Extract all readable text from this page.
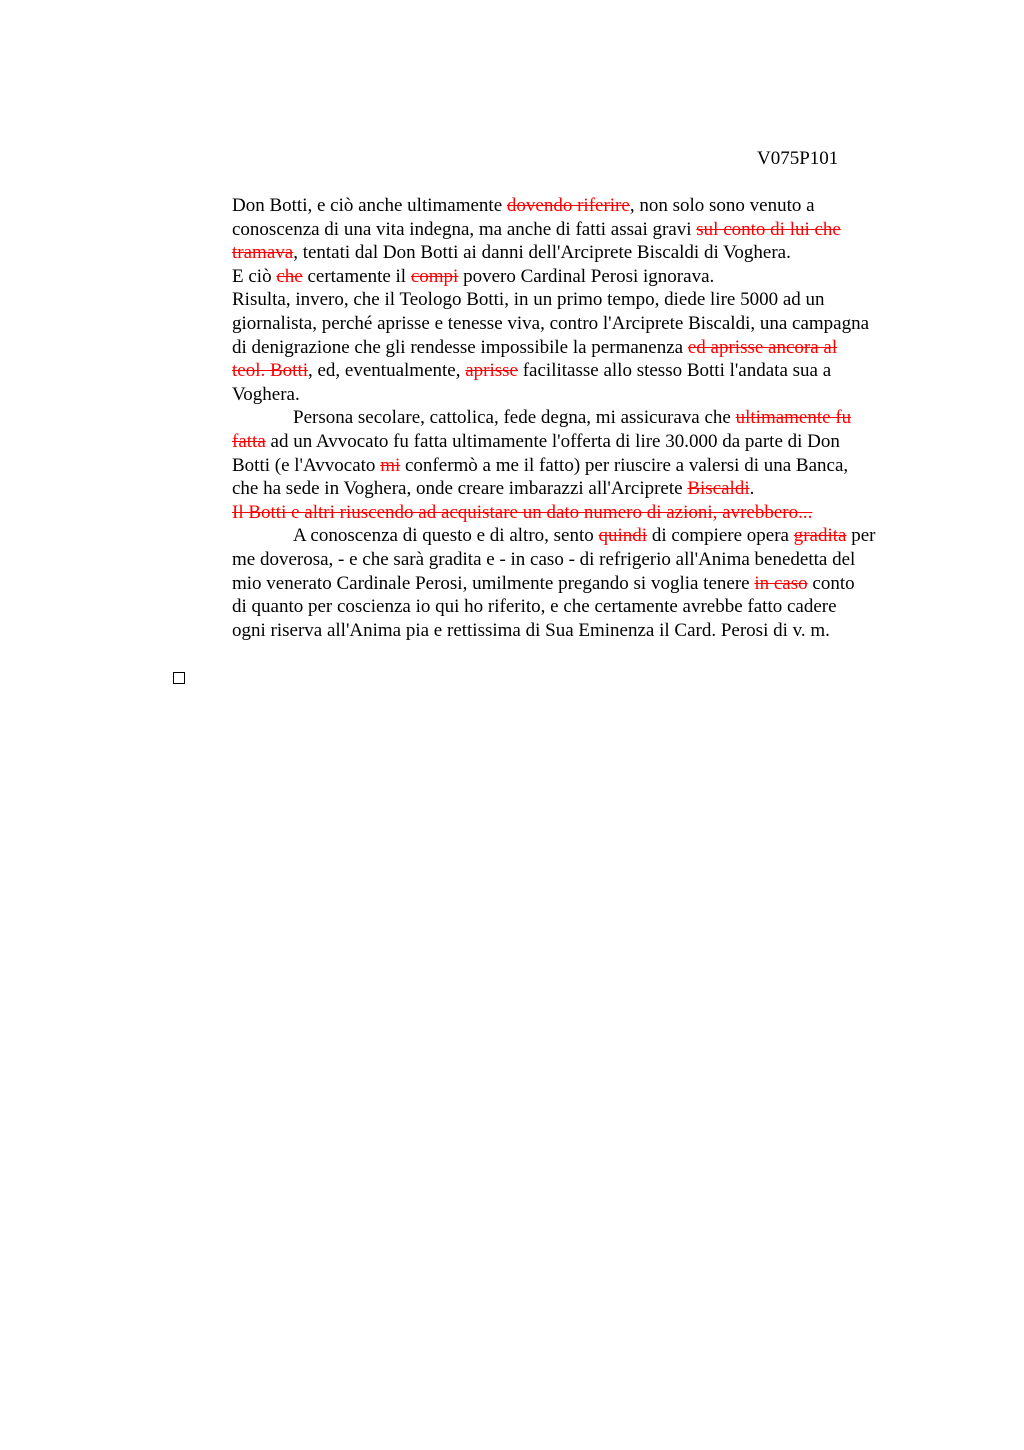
V075P101
Don Botti, e ciò anche ultimamente dovendo riferire, non solo sono venuto a
conoscenza di una vita indegna, ma anche di fatti assai gravi sul conto di lui che
tramava, tentati dal Don Botti ai danni dell'Arciprete Biscaldi di Voghera.
E ciò che certamente il compi povero Cardinal Perosi ignorava.
Risulta, invero, che il Teologo Botti, in un primo tempo, diede lire 5000 ad un
giornalista, perché aprisse e tenesse viva, contro l'Arciprete Biscaldi, una campagna
di denigrazione che gli rendesse impossibile la permanenza ed aprisse ancora al
teol. Botti, ed, eventualmente, aprisse facilitasse allo stesso Botti l'andata sua a
Voghera.
Persona secolare, cattolica, fede degna, mi assicurava che ultimamente fu
fatta ad un Avvocato fu fatta ultimamente l'offerta di lire 30.000 da parte di Don
Botti (e l'Avvocato mi confermò a me il fatto) per riuscire a valersi di una Banca,
che ha sede in Voghera, onde creare imbarazzi all'Arciprete Biscaldi.
Il Botti e altri riuscendo ad acquistare un dato numero di azioni, avrebbero...
A conoscenza di questo e di altro, sento quindi di compiere opera gradita per
me doverosa, - e che sarà gradita e - in caso - di refrigerio all'Anima benedetta del
mio venerato Cardinale Perosi, umilmente pregando si voglia tenere in caso conto
di quanto per coscienza io qui ho riferito, e che certamente avrebbe fatto cadere
ogni riserva all'Anima pia e rettissima di Sua Eminenza il Card. Perosi di v. m.
